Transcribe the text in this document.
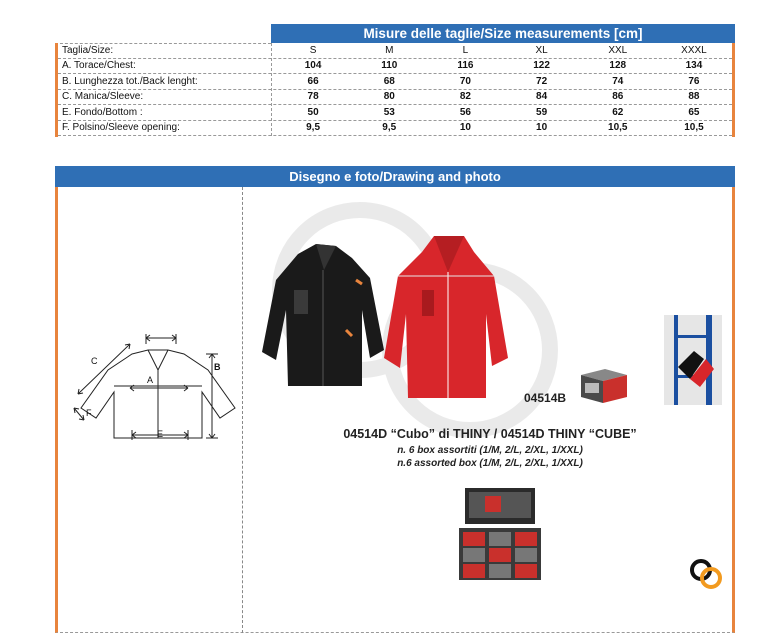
Misure delle taglie/Size measurements [cm]
Taglia/Size:	S	M	L	XL	XXL	XXXL
A. Torace/Chest:	104	110	116	122	128	134
B. Lunghezza tot./Back lenght:	66	68	70	72	74	76
C. Manica/Sleeve:	78	80	82	84	86	88
E. Fondo/Bottom :	50	53	56	59	62	65
F. Polsino/Sleeve opening:	9,5	9,5	10	10	10,5	10,5
Disegno e foto/Drawing and photo
A
B
C
E
F
04514B
04514D “Cubo” di THINY / 04514D THINY “CUBE”
n. 6 box assortiti (1/M, 2/L, 2/XL, 1/XXL)
n.6 assorted box (1/M, 2/L, 2/XL, 1/XXL)
